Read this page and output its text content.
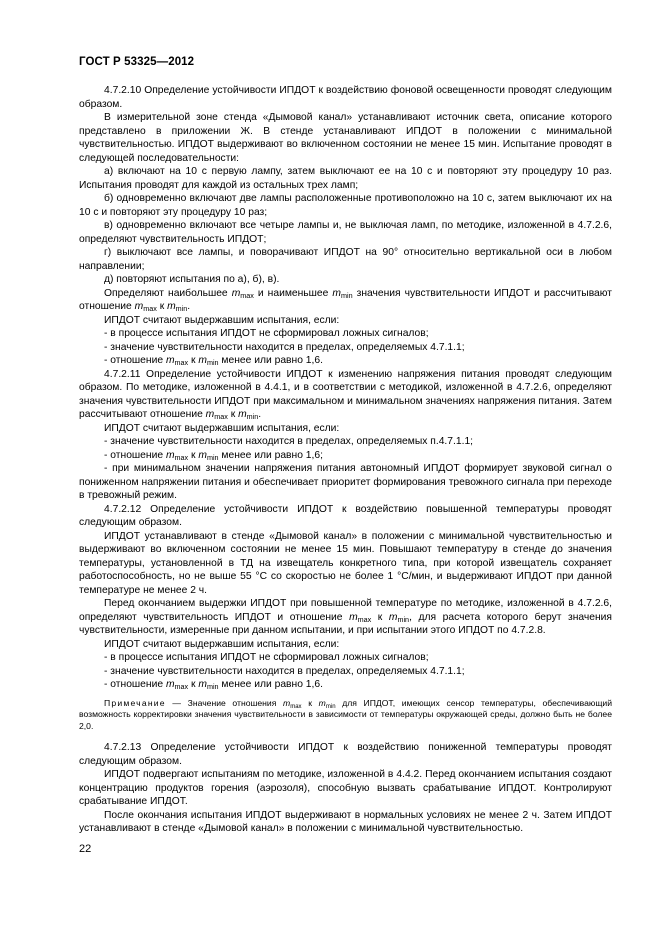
ГОСТ Р 53325—2012

4.7.2.10 Определение устойчивости ИПДОТ к воздействию фоновой освещенности проводят следующим образом.

В измерительной зоне стенда «Дымовой канал» устанавливают источник света, описание которого представлено в приложении Ж. В стенде устанавливают ИПДОТ в положении с минимальной чувствительностью. ИПДОТ выдерживают во включенном состоянии не менее 15 мин. Испытание проводят в следующей последовательности:

а) включают на 10 с первую лампу, затем выключают ее на 10 с и повторяют эту процедуру 10 раз. Испытания проводят для каждой из остальных трех ламп;

б) одновременно включают две лампы расположенные противоположно на 10 с, затем выключают их на 10 с и повторяют эту процедуру 10 раз;

в) одновременно включают все четыре лампы и, не выключая ламп, по методике, изложенной в 4.7.2.6, определяют чувствительность ИПДОТ;

г) выключают все лампы, и поворачивают ИПДОТ на 90° относительно вертикальной оси в любом направлении;

д) повторяют испытания по а), б), в).

Определяют наибольшее $m_{max}$ и наименьшее $m_{min}$ значения чувствительности ИПДОТ и рассчитывают отношение $m_{max}$ к $m_{min}$.

ИПДОТ считают выдержавшим испытания, если:

- в процессе испытания ИПДОТ не сформировал ложных сигналов;

- значение чувствительности находится в пределах, определяемых 4.7.1.1;

- отношение $m_{max}$ к $m_{min}$ менее или равно 1,6.

4.7.2.11 Определение устойчивости ИПДОТ к изменению напряжения питания проводят следующим образом. По методике, изложенной в 4.4.1, и в соответствии с методикой, изложенной в 4.7.2.6, определяют значения чувствительности ИПДОТ при максимальном и минимальном значениях напряжения питания. Затем рассчитывают отношение $m_{max}$ к $m_{min}$.

ИПДОТ считают выдержавшим испытания, если:

- значение чувствительности находится в пределах, определяемых п.4.7.1.1;

- отношение $m_{max}$ к $m_{min}$ менее или равно 1,6;

- при минимальном значении напряжения питания автономный ИПДОТ формирует звуковой сигнал о пониженном напряжении питания и обеспечивает приоритет формирования тревожного сигнала при переходе в тревожный режим.

4.7.2.12 Определение устойчивости ИПДОТ к воздействию повышенной температуры проводят следующим образом.

ИПДОТ устанавливают в стенде «Дымовой канал» в положении с минимальной чувствительностью и выдерживают во включенном состоянии не менее 15 мин. Повышают температуру в стенде до значения температуры, установленной в ТД на извещатель конкретного типа, при которой извещатель сохраняет работоспособность, но не выше 55 °С со скоростью не более 1 °С/мин, и выдерживают ИПДОТ при данной температуре не менее 2 ч.

Перед окончанием выдержки ИПДОТ при повышенной температуре по методике, изложенной в 4.7.2.6, определяют чувствительность ИПДОТ и отношение $m_{max}$ к $m_{min}$, для расчета которого берут значения чувствительности, измеренные при данном испытании, и при испытании этого ИПДОТ по 4.7.2.8.

ИПДОТ считают выдержавшим испытания, если:

- в процессе испытания ИПДОТ не сформировал ложных сигналов;

- значение чувствительности находится в пределах, определяемых 4.7.1.1;

- отношение $m_{max}$ к $m_{min}$ менее или равно 1,6.

Примечание — Значение отношения $m_{max}$ к $m_{min}$ для ИПДОТ, имеющих сенсор температуры, обеспечивающий возможность корректировки значения чувствительности в зависимости от температуры окружающей среды, должно быть не более 2,0.

4.7.2.13 Определение устойчивости ИПДОТ к воздействию пониженной температуры проводят следующим образом.

ИПДОТ подвергают испытаниям по методике, изложенной в 4.4.2. Перед окончанием испытания создают концентрацию продуктов горения (аэрозоля), способную вызвать срабатывание ИПДОТ. Контролируют срабатывание ИПДОТ.

После окончания испытания ИПДОТ выдерживают в нормальных условиях не менее 2 ч. Затем ИПДОТ устанавливают в стенде «Дымовой канал» в положении с минимальной чувствительностью.

22
